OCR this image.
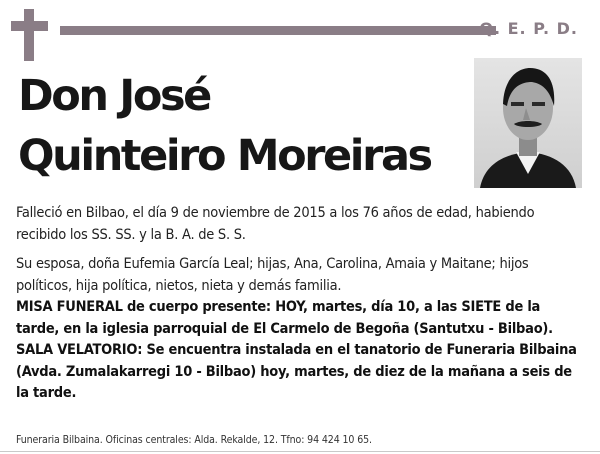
Q. E. P. D.
Don José
Quinteiro Moreiras

Falleció en Bilbao, el día 9 de noviembre de 2015 a los 76 años de edad, habiendo recibido los SS. SS. y la B. A. de S. S.

Su esposa, doña Eufemia García Leal; hijas, Ana, Carolina, Amaia y Maitane; hijos políticos, hija política, nietos, nieta y demás familia.

MISA FUNERAL de cuerpo presente: HOY, martes, día 10, a las SIETE de la tarde, en la iglesia parroquial de El Carmelo de Begoña (Santutxu - Bilbao).

SALA VELATORIO: Se encuentra instalada en el tanatorio de Funeraria Bilbaina (Avda. Zumalakarregi 10 - Bilbao) hoy, martes, de diez de la mañana a seis de la tarde.

Funeraria Bilbaina. Oficinas centrales: Alda. Rekalde, 12. Tfno: 94 424 10 65.
